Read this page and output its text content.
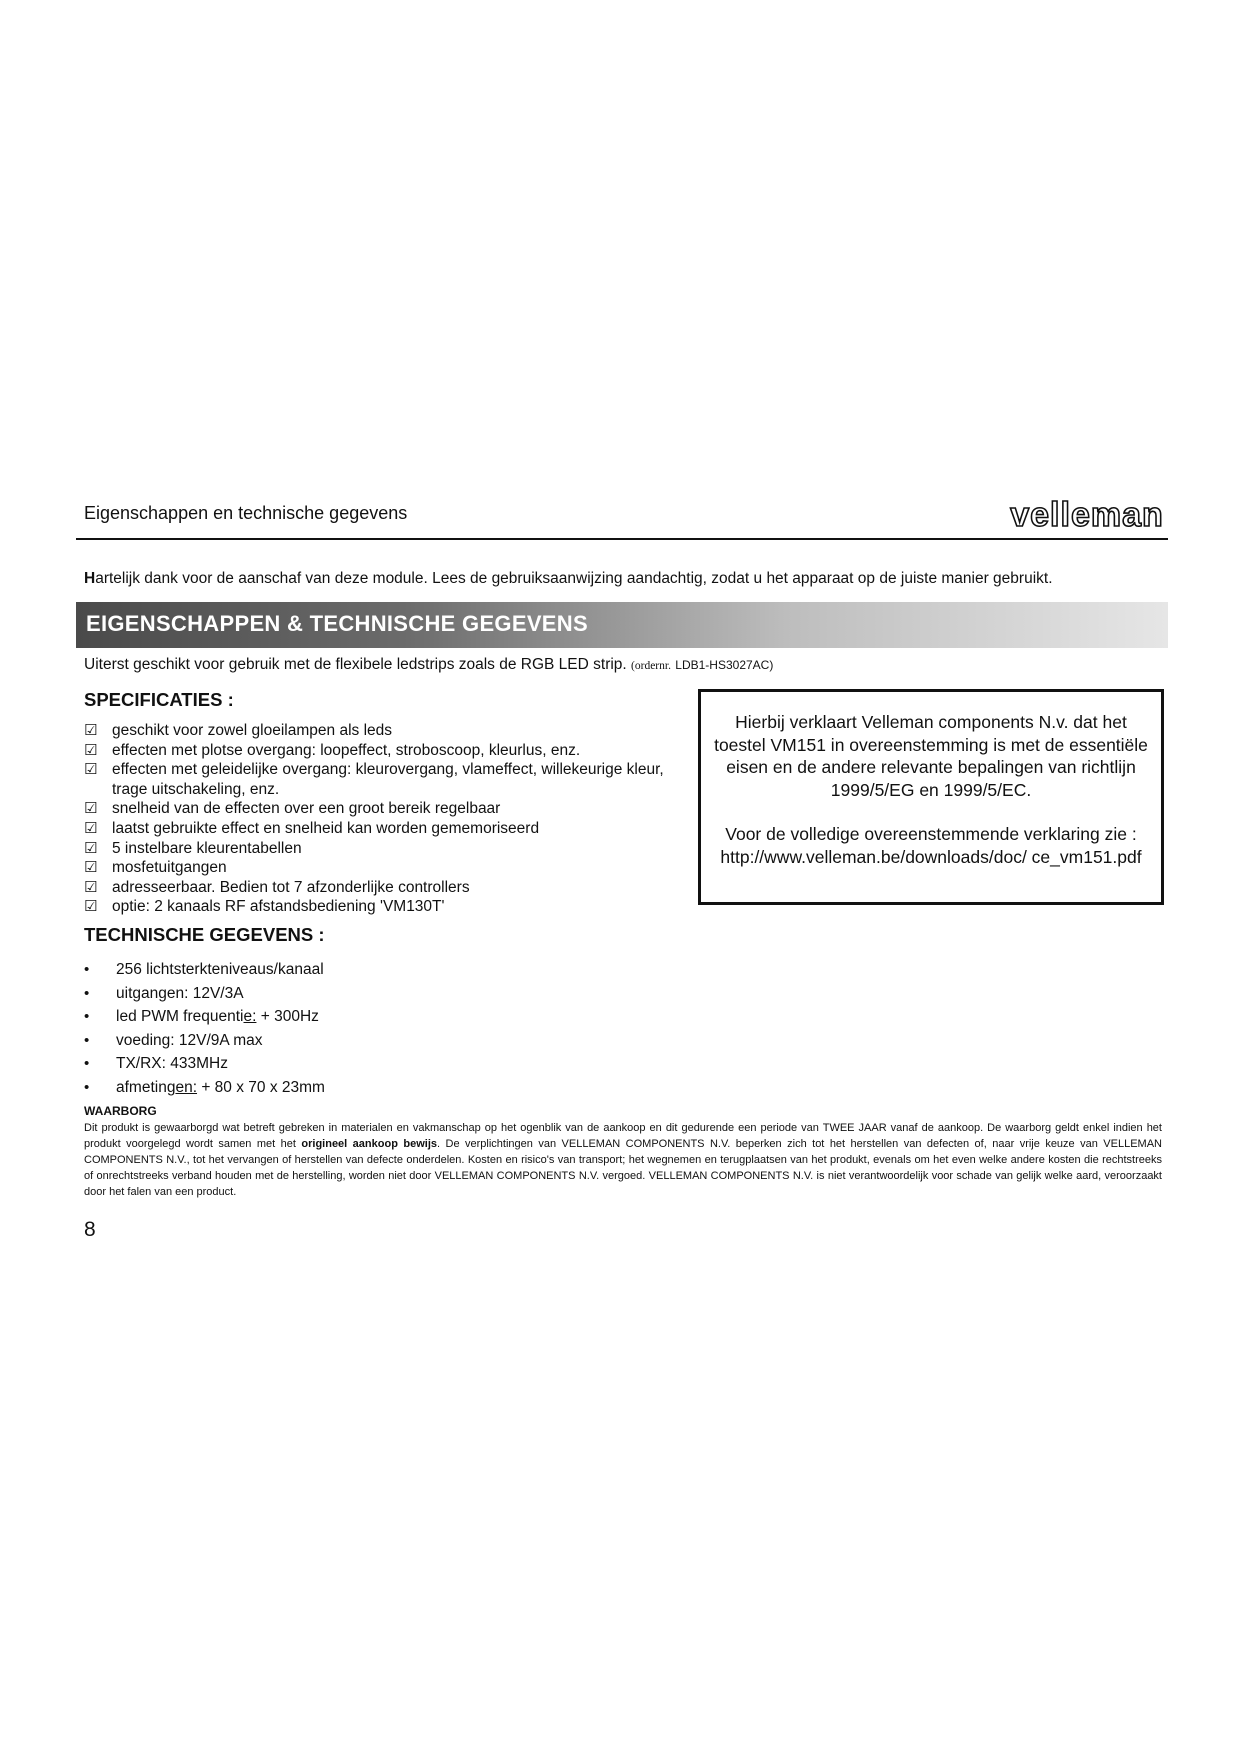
Eigenschappen en technische gegevens	velleman
Hartelijk dank voor de aanschaf van deze module. Lees de gebruiksaanwijzing aandachtig, zodat u het apparaat op de juiste manier gebruikt.
EIGENSCHAPPEN & TECHNISCHE GEGEVENS
Uiterst geschikt voor gebruik met de flexibele ledstrips zoals de RGB LED strip. (ordernr. LDB1-HS3027AC)
SPECIFICATIES :
☑ geschikt voor zowel gloeilampen als leds
☑ effecten met plotse overgang: loopeffect, stroboscoop, kleurlus, enz.
☑ effecten met geleidelijke overgang: kleurovergang, vlameffect, willekeurige kleur, trage uitschakeling, enz.
☑ snelheid van de effecten over een groot bereik regelbaar
☑ laatst gebruikte effect en snelheid kan worden gememoriseerd
☑ 5 instelbare kleurentabellen
☑ mosfetuitgangen
☑ adresseerbaar. Bedien tot 7 afzonderlijke controllers
☑ optie: 2 kanaals RF afstandsbediening 'VM130T'

Hierbij verklaart Velleman components N.v. dat het toestel VM151 in overeenstemming is met de essentiële eisen en de andere relevante bepalingen van richtlijn 1999/5/EG en 1999/5/EC.

Voor de volledige overeenstemmende verklaring zie :
http://www.velleman.be/downloads/doc/ ce_vm151.pdf

TECHNISCHE GEGEVENS :
•	256 lichtsterkteniveaus/kanaal
•	uitgangen: 12V/3A
•	led PWM frequentie: + 300Hz
•	voeding: 12V/9A max
•	TX/RX: 433MHz
•	afmetingen: + 80 x 70 x 23mm
WAARBORG
Dit produkt is gewaarborgd wat betreft gebreken in materialen en vakmanschap op het ogenblik van de aankoop en dit gedurende een periode van TWEE JAAR vanaf de aankoop. De waarborg geldt enkel indien het produkt voorgelegd wordt samen met het origineel aankoop bewijs. De verplichtingen van VELLEMAN COMPONENTS N.V. beperken zich tot het herstellen van defecten of, naar vrije keuze van VELLEMAN COMPONENTS N.V., tot het vervangen of herstellen van defecte onderdelen. Kosten en risico's van transport; het wegnemen en terugplaatsen van het produkt, evenals om het even welke andere kosten die rechtstreeks of onrechtstreeks verband houden met de herstelling, worden niet door VELLEMAN COMPONENTS N.V. vergoed. VELLEMAN COMPONENTS N.V. is niet verantwoordelijk voor schade van gelijk welke aard, veroorzaakt door het falen van een product.
8
